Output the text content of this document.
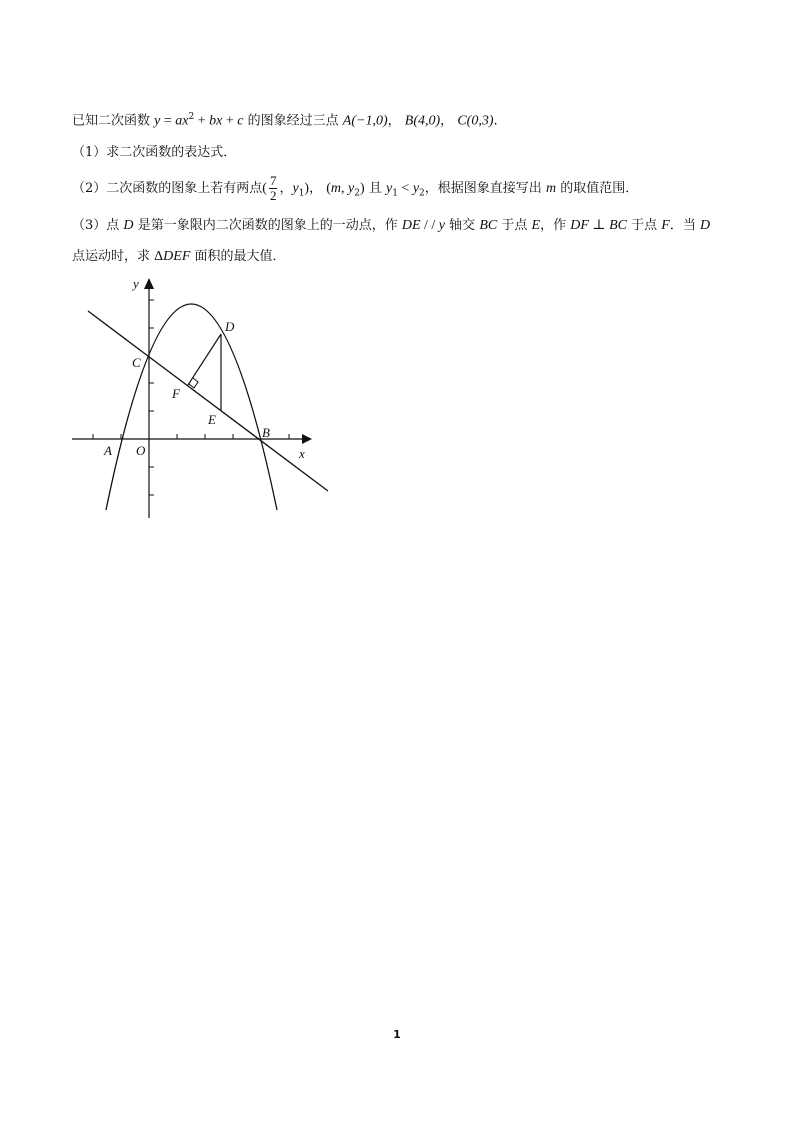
已知二次函数 $y = ax^2$ + bx + c 的图象经过三点 A(−1,0)， B(4,0)， C(0,3).
（1）求二次函数的表达式．
（2）二次函数的图象上若有两点( $\frac{7}{2}$ ，$y_1$)， (m, $y_2$) 且 $y_1 < y_2$，根据图象直接写出 m 的取值范围．
（3）点 D 是第一象限内二次函数的图象上的一动点，作 DE / / y 轴交 BC 于点 E，作 DF ⊥ BC 于点 F．当 D
点运动时，求 ΔDEF 面积的最大值．
y
x
A O
B
C
D
E
F
1
